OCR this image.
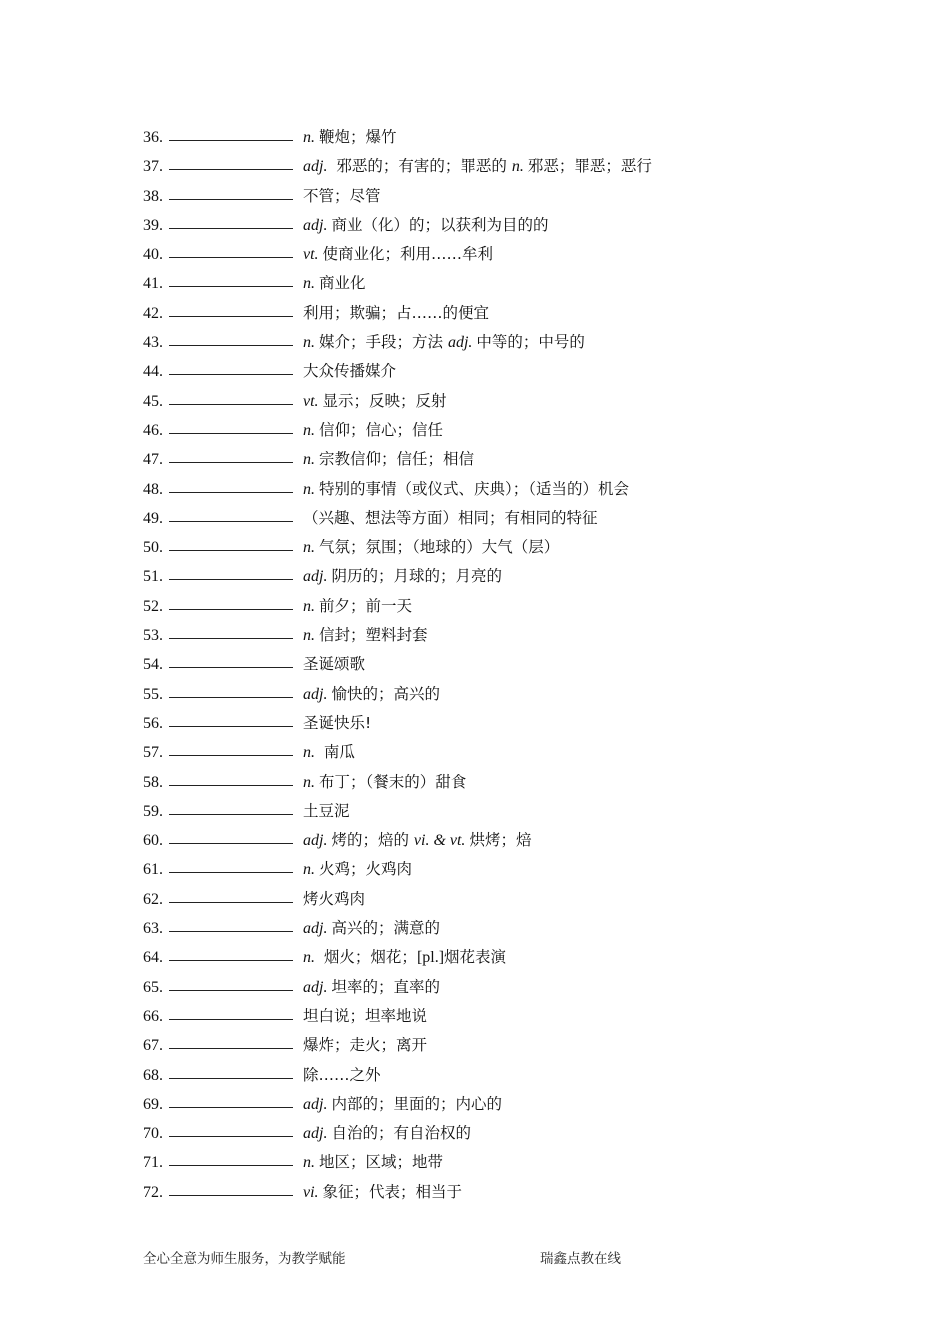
36.	n. 鞭炮；爆竹
37.	adj. 邪恶的；有害的；罪恶的 n. 邪恶；罪恶；恶行
38.	不管；尽管
39.	adj. 商业（化）的；以获利为目的的
40.	vt. 使商业化；利用……牟利
41.	n. 商业化
42.	利用；欺骗；占……的便宜
43.	n. 媒介；手段；方法 adj. 中等的；中号的
44.	大众传播媒介
45.	vt. 显示；反映；反射
46.	n. 信仰；信心；信任
47.	n. 宗教信仰；信任；相信
48.	n. 特别的事情（或仪式、庆典）；（适当的）机会
49.	（兴趣、想法等方面）相同；有相同的特征
50.	n. 气氛；氛围；（地球的）大气（层）
51.	adj. 阴历的；月球的；月亮的
52.	n. 前夕；前一天
53.	n. 信封；塑料封套
54.	圣诞颂歌
55.	adj. 愉快的；高兴的
56.	圣诞快乐!
57.	n. 南瓜
58.	n. 布丁；（餐末的）甜食
59.	土豆泥
60.	adj. 烤的；焙的 vi. & vt. 烘烤；焙
61.	n. 火鸡；火鸡肉
62.	烤火鸡肉
63.	adj. 高兴的；满意的
64.	n. 烟火；烟花；[pl.]烟花表演
65.	adj. 坦率的；直率的
66.	坦白说；坦率地说
67.	爆炸；走火；离开
68.	除……之外
69.	adj. 内部的；里面的；内心的
70.	adj. 自治的；有自治权的
71.	n. 地区；区域；地带
72.	vi. 象征；代表；相当于
全心全意为师生服务，为教学赋能	瑞鑫点教在线
